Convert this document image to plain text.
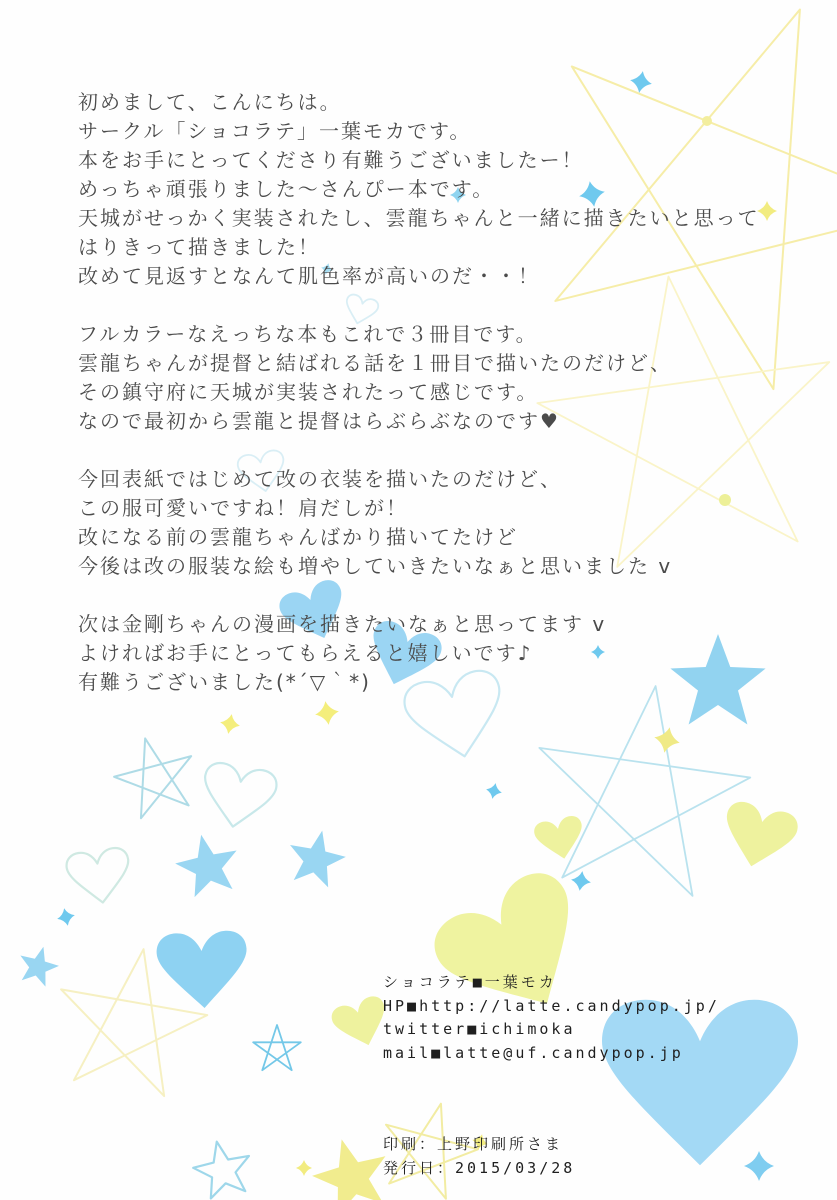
初めまして、こんにちは。
サークル「ショコラテ」一葉モカです。
本をお手にとってくださり有難うございましたー！
めっちゃ頑張りました～さんぴー本です。
天城がせっかく実装されたし、雲龍ちゃんと一緒に描きたいと思って
はりきって描きました！
改めて見返すとなんて肌色率が高いのだ・・！

フルカラーなえっちな本もこれで３冊目です。
雲龍ちゃんが提督と結ばれる話を１冊目で描いたのだけど、
その鎮守府に天城が実装されたって感じです。
なので最初から雲龍と提督はらぶらぶなのです♥

今回表紙ではじめて改の衣装を描いたのだけど、
この服可愛いですね！肩だしが！
改になる前の雲龍ちゃんばかり描いてたけど
今後は改の服装な絵も増やしていきたいなぁと思いました v

次は金剛ちゃんの漫画を描きたいなぁと思ってます v
よければお手にとってもらえると嬉しいです♪
有難うございました(*´▽｀*)

ショコラテ■一葉モカ
HP■http://latte.candypop.jp/
twitter■ichimoka
mail■latte@uf.candypop.jp

印刷：上野印刷所さま
発行日：2015/03/28
